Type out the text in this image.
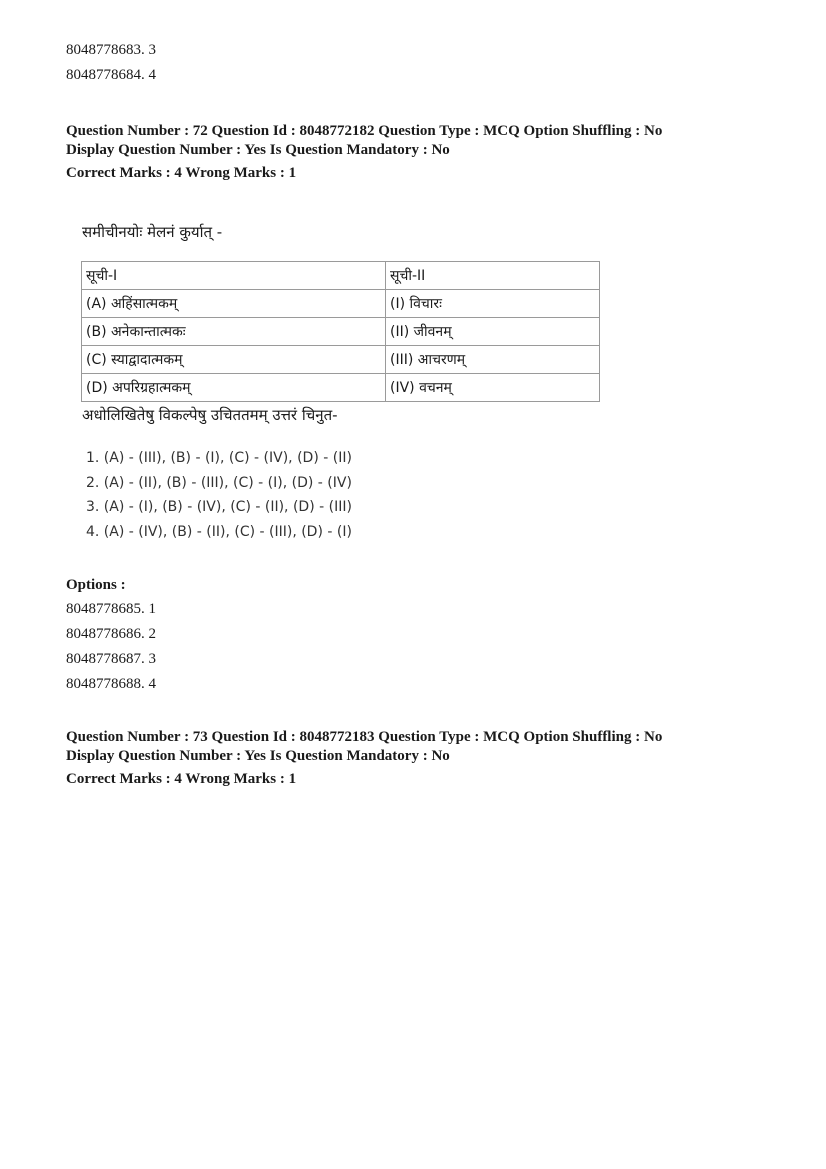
8048778683. 3
8048778684. 4
Question Number : 72 Question Id : 8048772182 Question Type : MCQ Option Shuffling : No
Display Question Number : Yes Is Question Mandatory : No
Correct Marks : 4 Wrong Marks : 1
समीचीनयोः मेलनं कुर्यात् -
सूची-I	सूची-II
(A) अहिंसात्मकम्	(I) विचारः
(B) अनेकान्तात्मकः	(II) जीवनम्
(C) स्याद्वादात्मकम्	(III) आचरणम्
(D) अपरिग्रहात्मकम्	(IV) वचनम्
अधोलिखितेषु विकल्पेषु उचिततमम् उत्तरं चिनुत-
1. (A) - (III), (B) - (I), (C) - (IV), (D) - (II)
2. (A) - (II), (B) - (III), (C) - (I), (D) - (IV)
3. (A) - (I), (B) - (IV), (C) - (II), (D) - (III)
4. (A) - (IV), (B) - (II), (C) - (III), (D) - (I)
Options :
8048778685. 1
8048778686. 2
8048778687. 3
8048778688. 4
Question Number : 73 Question Id : 8048772183 Question Type : MCQ Option Shuffling : No
Display Question Number : Yes Is Question Mandatory : No
Correct Marks : 4 Wrong Marks : 1
